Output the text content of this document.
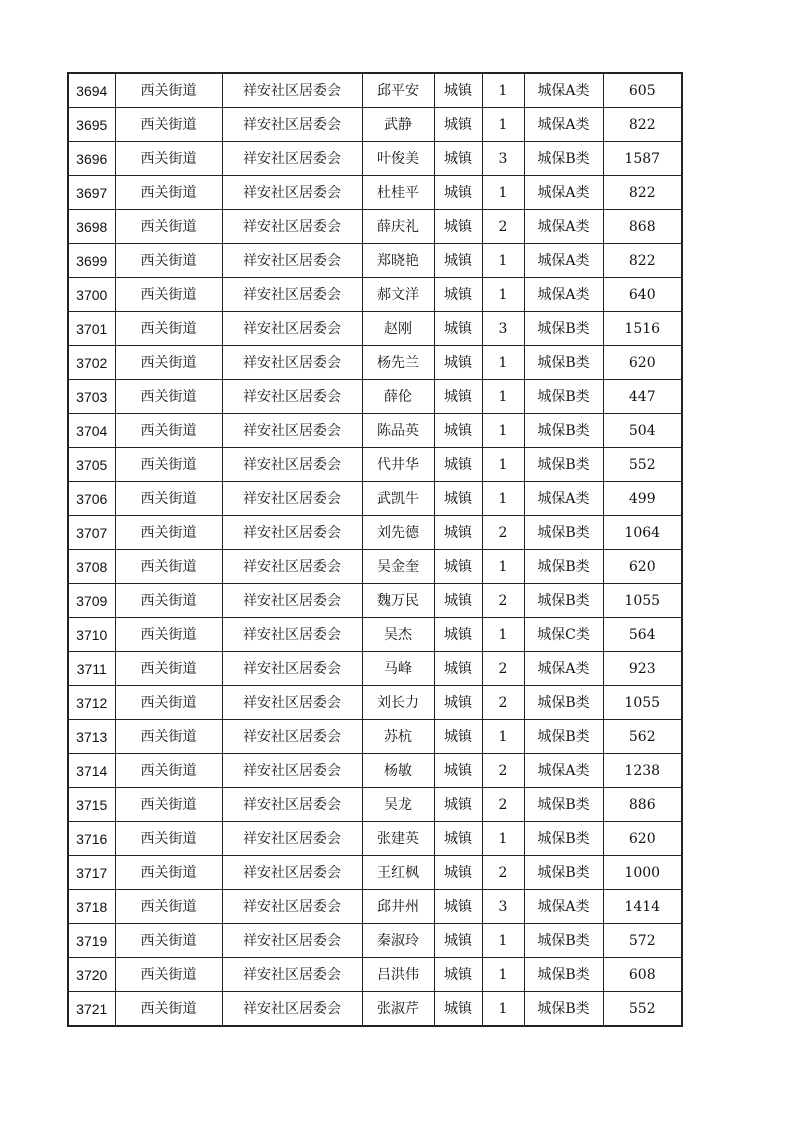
3694	西关街道	祥安社区居委会	邱平安	城镇	1	城保A类	605
3695	西关街道	祥安社区居委会	武静	城镇	1	城保A类	822
3696	西关街道	祥安社区居委会	叶俊美	城镇	3	城保B类	1587
3697	西关街道	祥安社区居委会	杜桂平	城镇	1	城保A类	822
3698	西关街道	祥安社区居委会	薛庆礼	城镇	2	城保A类	868
3699	西关街道	祥安社区居委会	郑晓艳	城镇	1	城保A类	822
3700	西关街道	祥安社区居委会	郝文洋	城镇	1	城保A类	640
3701	西关街道	祥安社区居委会	赵刚	城镇	3	城保B类	1516
3702	西关街道	祥安社区居委会	杨先兰	城镇	1	城保B类	620
3703	西关街道	祥安社区居委会	薛伦	城镇	1	城保B类	447
3704	西关街道	祥安社区居委会	陈品英	城镇	1	城保B类	504
3705	西关街道	祥安社区居委会	代井华	城镇	1	城保B类	552
3706	西关街道	祥安社区居委会	武凯牛	城镇	1	城保A类	499
3707	西关街道	祥安社区居委会	刘先德	城镇	2	城保B类	1064
3708	西关街道	祥安社区居委会	吴金奎	城镇	1	城保B类	620
3709	西关街道	祥安社区居委会	魏万民	城镇	2	城保B类	1055
3710	西关街道	祥安社区居委会	吴杰	城镇	1	城保C类	564
3711	西关街道	祥安社区居委会	马峰	城镇	2	城保A类	923
3712	西关街道	祥安社区居委会	刘长力	城镇	2	城保B类	1055
3713	西关街道	祥安社区居委会	苏杭	城镇	1	城保B类	562
3714	西关街道	祥安社区居委会	杨敏	城镇	2	城保A类	1238
3715	西关街道	祥安社区居委会	吴龙	城镇	2	城保B类	886
3716	西关街道	祥安社区居委会	张建英	城镇	1	城保B类	620
3717	西关街道	祥安社区居委会	王红枫	城镇	2	城保B类	1000
3718	西关街道	祥安社区居委会	邱井州	城镇	3	城保A类	1414
3719	西关街道	祥安社区居委会	秦淑玲	城镇	1	城保B类	572
3720	西关街道	祥安社区居委会	吕洪伟	城镇	1	城保B类	608
3721	西关街道	祥安社区居委会	张淑芹	城镇	1	城保B类	552
